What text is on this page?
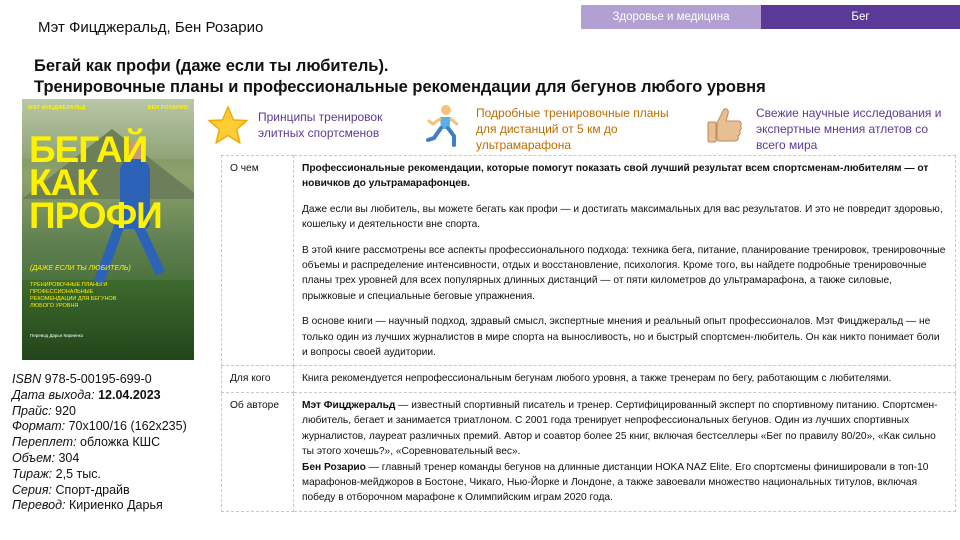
Мэт Фицджеральд, Бен Розарио
Здоровье и медицина	Бег
Бегай как профи (даже если ты любитель).
Тренировочные планы и профессиональные рекомендации для бегунов любого уровня
МЭТ ФИЦДЖЕРАЛЬД	БЕН РОЗАРИО
БЕГАЙ
КАК
ПРОФИ
(ДАЖЕ ЕСЛИ ТЫ ЛЮБИТЕЛЬ)
ТРЕНИРОВОЧНЫЕ ПЛАНЫ И ПРОФЕССИОНАЛЬНЫЕ РЕКОМЕНДАЦИИ ДЛЯ БЕГУНОВ ЛЮБОГО УРОВНЯ
Перевод Дарья Кириенко
ISBN 978-5-00195-699-0
Дата выхода: 12.04.2023
Прайс: 920
Формат: 70х100/16 (162х235)
Переплет: обложка КШС
Объем: 304
Тираж: 2,5 тыс.
Серия: Спорт-драйв
Перевод: Кириенко Дарья
Принципы тренировок элитных спортсменов
Подробные тренировочные планы для дистанций от 5 км до ультрамарафона
Свежие научные исследования и экспертные мнения атлетов со всего мира
О чем	Профессиональные рекомендации, которые помогут показать свой лучший результат всем спортсменам-любителям — от новичков до ультрамарафонцев.
Даже если вы любитель, вы можете бегать как профи — и достигать максимальных для вас результатов. И это не повредит здоровью, кошельку и деятельности вне спорта.
В этой книге рассмотрены все аспекты профессионального подхода: техника бега, питание, планирование тренировок, тренировочные объемы и распределение интенсивности, отдых и восстановление, психология. Кроме того, вы найдете подробные тренировочные планы трех уровней для всех популярных длинных дистанций — от пяти километров до ультрамарафона, а также силовые, прыжковые и специальные беговые упражнения.
В основе книги — научный подход, здравый смысл, экспертные мнения и реальный опыт профессионалов. Мэт Фицджеральд — не только один из лучших журналистов в мире спорта на выносливость, но и быстрый спортсмен-любитель. Он как никто понимает боли и вопросы своей аудитории.

Для кого	Книга рекомендуется непрофессиональным бегунам любого уровня, а также тренерам по бегу, работающим с любителями.
Об авторе	Мэт Фицджеральд — известный спортивный писатель и тренер. Сертифицированный эксперт по спортивному питанию. Спортсмен-любитель, бегает и занимается триатлоном. С 2001 года тренирует непрофессиональных бегунов. Один из лучших спортивных журналистов, лауреат различных премий. Автор и соавтор более 25 книг, включая бестселлеры «Бег по правилу 80/20», «Как сильно ты этого хочешь?», «Соревновательный вес».
Бен Розарио — главный тренер команды бегунов на длинные дистанции HOKA NAZ Elite. Его спортсмены финишировали в топ-10 марафонов-мейджоров в Бостоне, Чикаго, Нью-Йорке и Лондоне, а также завоевали множество национальных титулов, включая победу в отборочном марафоне к Олимпийским играм 2020 года.
